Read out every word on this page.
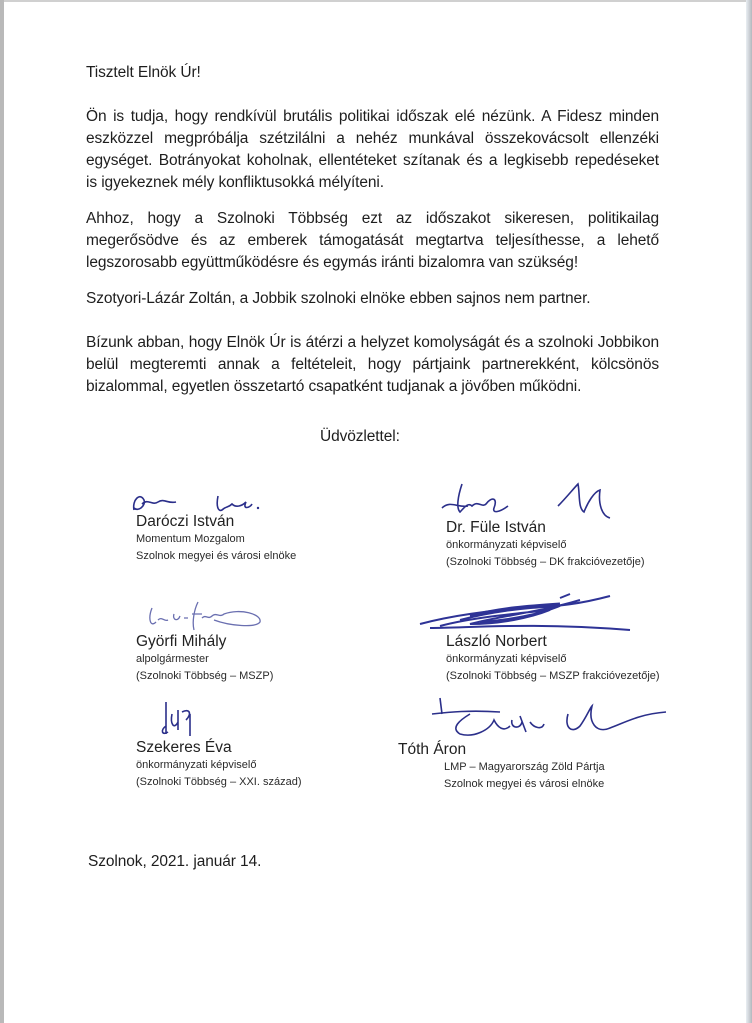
Tisztelt Elnök Úr!
Ön is tudja, hogy rendkívül brutális politikai időszak elé nézünk. A Fidesz minden
eszközzel megpróbálja szétzilálni a nehéz munkával összekovácsolt ellenzéki
egységet. Botrányokat koholnak, ellentéteket szítanak és a legkisebb repedéseket
is igyekeznek mély konfliktusokká mélyíteni.
Ahhoz, hogy a Szolnoki Többség ezt az időszakot sikeresen, politikailag
megerősödve és az emberek támogatását megtartva teljesíthesse, a lehető
legszorosabb együttműködésre és egymás iránti bizalomra van szükség!
Szotyori-Lázár Zoltán, a Jobbik szolnoki elnöke ebben sajnos nem partner.
Bízunk abban, hogy Elnök Úr is átérzi a helyzet komolyságát és a szolnoki Jobbikon
belül megteremti annak a feltételeit, hogy pártjaink partnerekként, kölcsönös
bizalommal, egyetlen összetartó csapatként tudjanak a jövőben működni.
Üdvözlettel:
Daróczi István
Momentum Mozgalom
Szolnok megyei és városi elnöke
Dr. Füle István
önkormányzati képviselő
(Szolnoki Többség – DK frakcióvezetője)
Györfi Mihály
alpolgármester
(Szolnoki Többség – MSZP)
László Norbert
önkormányzati képviselő
(Szolnoki Többség – MSZP frakcióvezetője)
Szekeres Éva
önkormányzati képviselő
(Szolnoki Többség – XXI. század)
Tóth Áron
LMP – Magyarország Zöld Pártja
Szolnok megyei és városi elnöke
Szolnok, 2021. január 14.
